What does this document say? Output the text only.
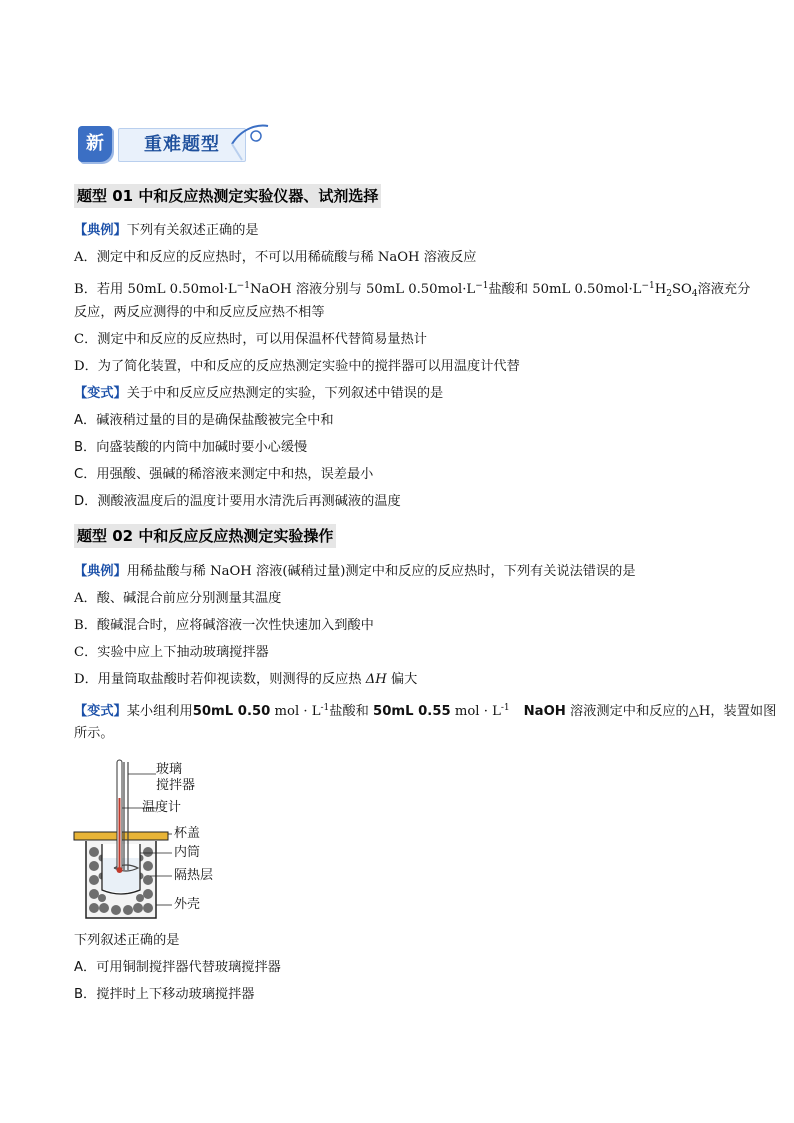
新	重难题型
题型 01 中和反应热测定实验仪器、试剂选择
【典例】下列有关叙述正确的是
A．测定中和反应的反应热时，不可以用稀硫酸与稀 NaOH 溶液反应
B．若用 50mL $0.50mol\cdot L^{-1}NaOH$ 溶液分别与 50mL $0.50mol\cdot L^{-1}$盐酸和 50mL $0.50mol\cdot L^{-1}H_2SO_4$溶液充分
反应，两反应测得的中和反应反应热不相等
C．测定中和反应的反应热时，可以用保温杯代替简易量热计
D．为了简化装置，中和反应的反应热测定实验中的搅拌器可以用温度计代替
【变式】关于中和反应反应热测定的实验，下列叙述中错误的是
A．碱液稍过量的目的是确保盐酸被完全中和
B．向盛装酸的内筒中加碱时要小心缓慢
C．用强酸、强碱的稀溶液来测定中和热，误差最小
D．测酸液温度后的温度计要用水清洗后再测碱液的温度
题型 02 中和反应反应热测定实验操作
【典例】用稀盐酸与稀 NaOH 溶液(碱稍过量)测定中和反应的反应热时，下列有关说法错误的是
A．酸、碱混合前应分别测量其温度
B．酸碱混合时，应将碱溶液一次性快速加入到酸中
C．实验中应上下抽动玻璃搅拌器
D．用量筒取盐酸时若仰视读数，则测得的反应热 ΔH 偏大
【变式】某小组利用50mL 0.50 mol · $L^{-1}$盐酸和 50mL 0.55 mol · $L^{-1}$ NaOH 溶液测定中和反应的△H，装置如图
所示。
玻璃
搅拌器
温度计
杯盖
内筒
隔热层
外壳
下列叙述正确的是
A．可用铜制搅拌器代替玻璃搅拌器
B．搅拌时上下移动玻璃搅拌器
